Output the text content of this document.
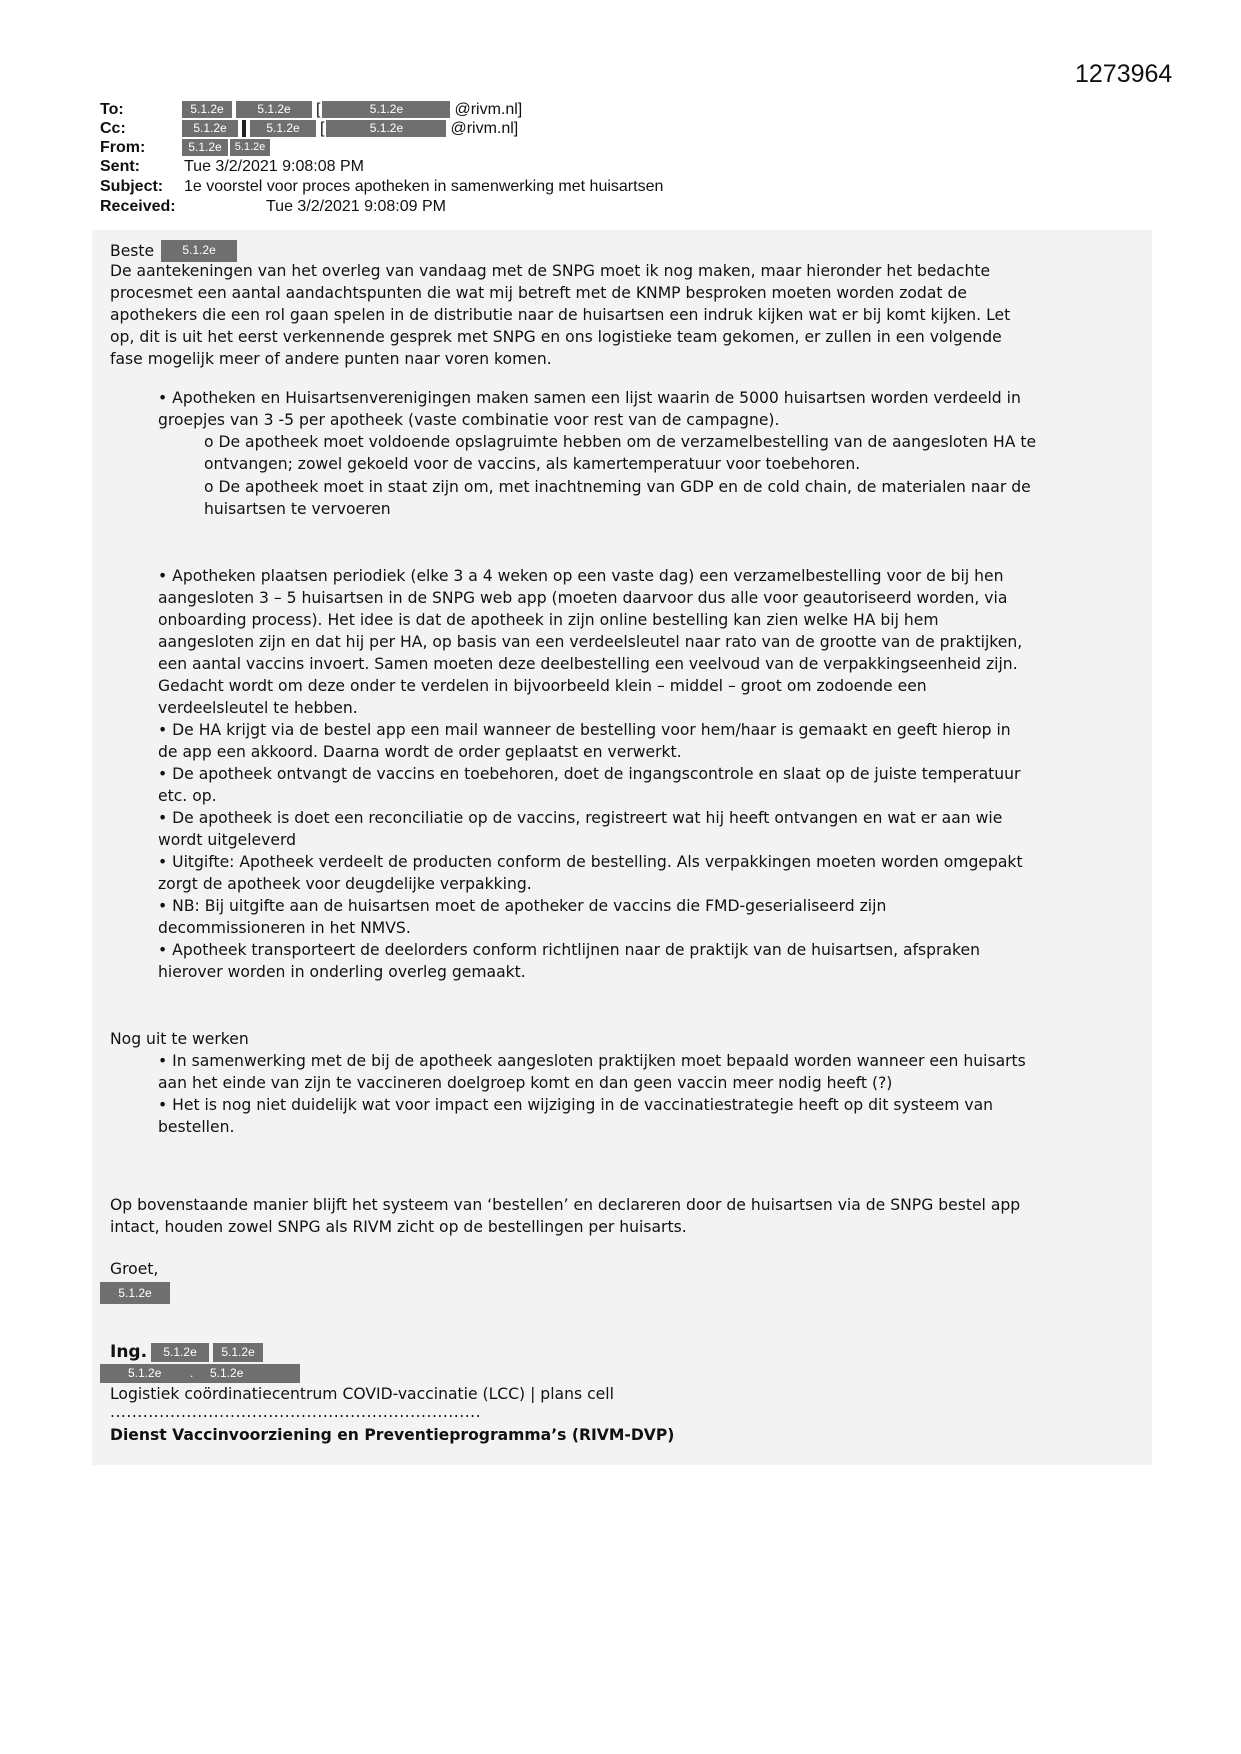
1273964
To:	5.1.2e	5.1.2e [	5.1.2e	@rivm.nl]
Cc:	5.1.2e	5.1.2e [	5.1.2e	@rivm.nl]
From:	5.1.2e 5.1.2e
Sent:	Tue 3/2/2021 9:08:08 PM
Subject: 1e voorstel voor proces apotheken in samenwerking met huisartsen
Received:	Tue 3/2/2021 9:08:09 PM
Beste 5.1.2e
De aantekeningen van het overleg van vandaag met de SNPG moet ik nog maken, maar hieronder het bedachte
procesmet een aantal aandachtspunten die wat mij betreft met de KNMP besproken moeten worden zodat de
apothekers die een rol gaan spelen in de distributie naar de huisartsen een indruk kijken wat er bij komt kijken. Let
op, dit is uit het eerst verkennende gesprek met SNPG en ons logistieke team gekomen, er zullen in een volgende
fase mogelijk meer of andere punten naar voren komen.
• Apotheken en Huisartsenverenigingen maken samen een lijst waarin de 5000 huisartsen worden verdeeld in
groepjes van 3 -5 per apotheek (vaste combinatie voor rest van de campagne).
o De apotheek moet voldoende opslagruimte hebben om de verzamelbestelling van de aangesloten HA te
ontvangen; zowel gekoeld voor de vaccins, als kamertemperatuur voor toebehoren.
o De apotheek moet in staat zijn om, met inachtneming van GDP en de cold chain, de materialen naar de
huisartsen te vervoeren
• Apotheken plaatsen periodiek (elke 3 a 4 weken op een vaste dag) een verzamelbestelling voor de bij hen
aangesloten 3 – 5 huisartsen in de SNPG web app (moeten daarvoor dus alle voor geautoriseerd worden, via
onboarding process). Het idee is dat de apotheek in zijn online bestelling kan zien welke HA bij hem
aangesloten zijn en dat hij per HA, op basis van een verdeelsleutel naar rato van de grootte van de praktijken,
een aantal vaccins invoert. Samen moeten deze deelbestelling een veelvoud van de verpakkingseenheid zijn.
Gedacht wordt om deze onder te verdelen in bijvoorbeeld klein – middel – groot om zodoende een
verdeelsleutel te hebben.
• De HA krijgt via de bestel app een mail wanneer de bestelling voor hem/haar is gemaakt en geeft hierop in
de app een akkoord. Daarna wordt de order geplaatst en verwerkt.
• De apotheek ontvangt de vaccins en toebehoren, doet de ingangscontrole en slaat op de juiste temperatuur
etc. op.
• De apotheek is doet een reconciliatie op de vaccins, registreert wat hij heeft ontvangen en wat er aan wie
wordt uitgeleverd
• Uitgifte: Apotheek verdeelt de producten conform de bestelling. Als verpakkingen moeten worden omgepakt
zorgt de apotheek voor deugdelijke verpakking.
• NB: Bij uitgifte aan de huisartsen moet de apotheker de vaccins die FMD-geserialiseerd zijn
decommissioneren in het NMVS.
• Apotheek transporteert de deelorders conform richtlijnen naar de praktijk van de huisartsen, afspraken
hierover worden in onderling overleg gemaakt.
Nog uit te werken
• In samenwerking met de bij de apotheek aangesloten praktijken moet bepaald worden wanneer een huisarts
aan het einde van zijn te vaccineren doelgroep komt en dan geen vaccin meer nodig heeft (?)
• Het is nog niet duidelijk wat voor impact een wijziging in de vaccinatiestrategie heeft op dit systeem van
bestellen.
Op bovenstaande manier blijft het systeem van ‘bestellen’ en declareren door de huisartsen via de SNPG bestel app
intact, houden zowel SNPG als RIVM zicht op de bestellingen per huisarts.
Groet,
5.1.2e
Ing. 5.1.2e 5.1.2e
5.1.2e . 5.1.2e
Logistiek coördinatiecentrum COVID-vaccinatie (LCC) | plans cell
....................................................................
Dienst Vaccinvoorziening en Preventieprogramma’s (RIVM-DVP)
